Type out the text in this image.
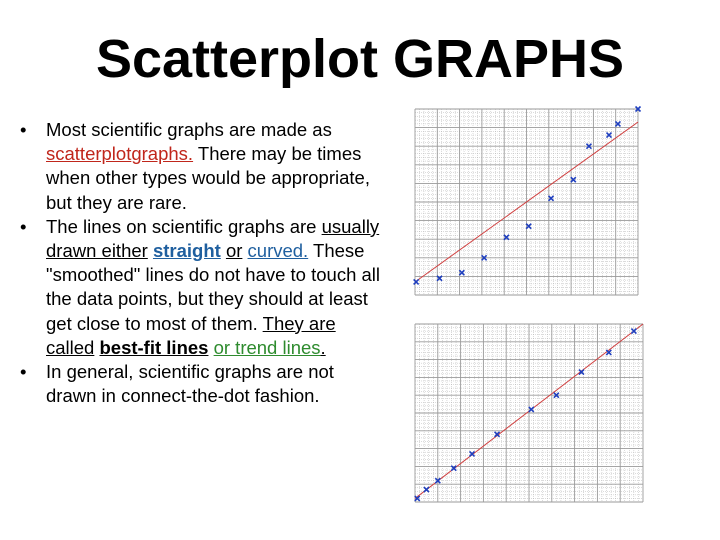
Scatterplot GRAPHS
• Most scientific graphs are made as scatterplotgraphs. There may be times when other types would be appropriate, but they are rare.
• The lines on scientific graphs are usually drawn either straight or curved. These "smoothed" lines do not have to touch all the data points, but they should at least get close to most of them. They are called best-fit lines or trend lines.
• In general, scientific graphs are not drawn in connect-the-dot fashion.
